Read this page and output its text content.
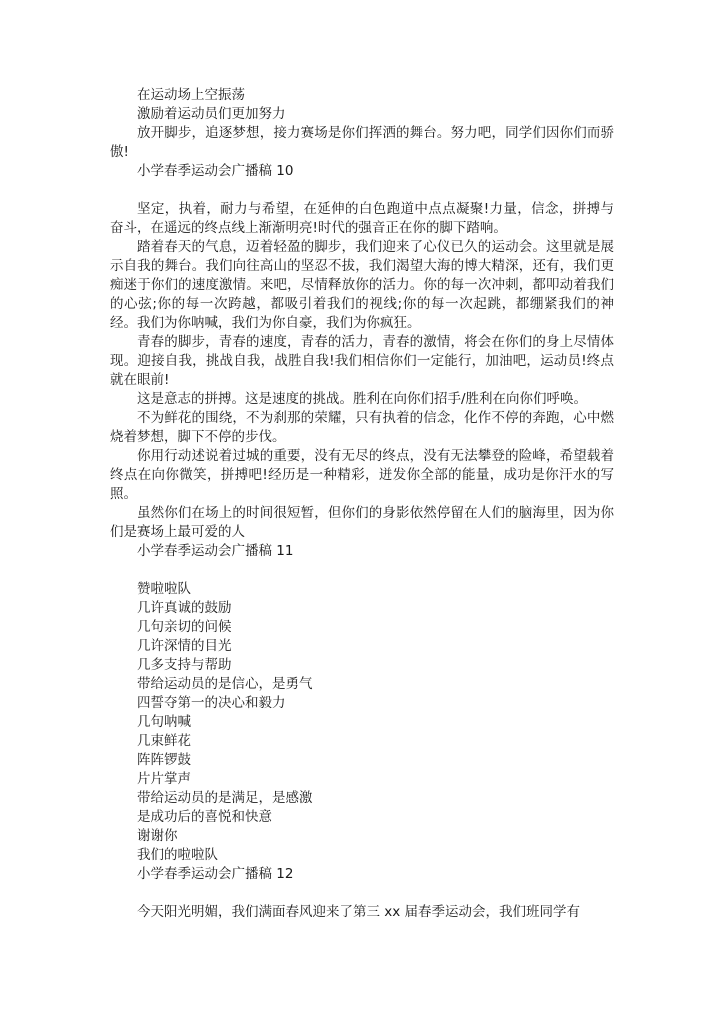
在运动场上空振荡
激励着运动员们更加努力

放开脚步，追逐梦想，接力赛场是你们挥洒的舞台。努力吧，同学们因你们而骄傲!

小学春季运动会广播稿 10

坚定，执着，耐力与希望，在延伸的白色跑道中点点凝聚!力量，信念，拼搏与奋斗，在遥远的终点线上渐渐明亮!时代的强音正在你的脚下踏响。

踏着春天的气息，迈着轻盈的脚步，我们迎来了心仪已久的运动会。这里就是展示自我的舞台。我们向往高山的坚忍不拔，我们渴望大海的博大精深，还有，我们更痴迷于你们的速度激情。来吧，尽情释放你的活力。你的每一次冲刺，都叩动着我们的心弦;你的每一次跨越，都吸引着我们的视线;你的每一次起跳，都绷紧我们的神经。我们为你呐喊，我们为你自豪，我们为你疯狂。

青春的脚步，青春的速度，青春的活力，青春的激情，将会在你们的身上尽情体现。迎接自我，挑战自我，战胜自我!我们相信你们一定能行，加油吧，运动员!终点就在眼前!

这是意志的拼搏。这是速度的挑战。胜利在向你们招手/胜利在向你们呼唤。

不为鲜花的围绕，不为刹那的荣耀，只有执着的信念，化作不停的奔跑，心中燃烧着梦想，脚下不停的步伐。

你用行动述说着过城的重要，没有无尽的终点，没有无法攀登的险峰，希望载着终点在向你微笑，拼搏吧!经历是一种精彩，迸发你全部的能量，成功是你汗水的写照。

虽然你们在场上的时间很短暂，但你们的身影依然停留在人们的脑海里，因为你们是赛场上最可爱的人

小学春季运动会广播稿 11
赞啦啦队
几许真诚的鼓励
几句亲切的问候
几许深情的目光
几多支持与帮助
带给运动员的是信心，是勇气
四誓夺第一的决心和毅力
几句呐喊
几束鲜花
阵阵锣鼓
片片掌声
带给运动员的是满足，是感激
是成功后的喜悦和快意
谢谢你
我们的啦啦队
小学春季运动会广播稿 12

今天阳光明媚，我们满面春风迎来了第三 xx 届春季运动会，我们班同学有
